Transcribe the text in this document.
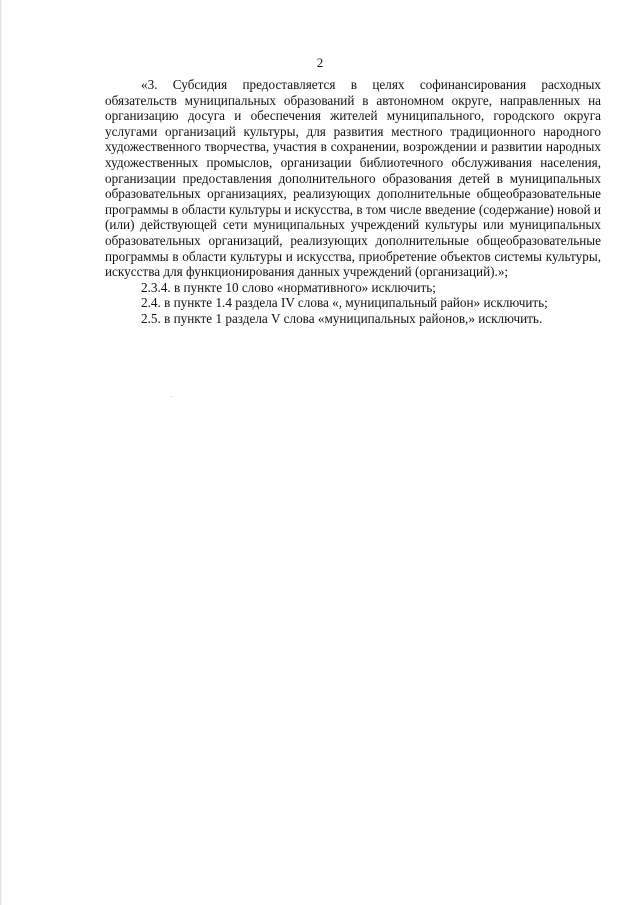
2

«3. Субсидия предоставляется в целях софинансирования расходных обязательств муниципальных образований в автономном округе, направленных на организацию досуга и обеспечения жителей муниципального, городского округа услугами организаций культуры, для развития местного традиционного народного художественного творчества, участия в сохранении, возрождении и развитии народных художественных промыслов, организации библиотечного обслуживания населения, организации предоставления дополнительного образования детей в муниципальных образовательных организациях, реализующих дополнительные общеобразовательные программы в области культуры и искусства, в том числе введение (содержание) новой и (или) действующей сети муниципальных учреждений культуры или муниципальных образовательных организаций, реализующих дополнительные общеобразовательные программы в области культуры и искусства, приобретение объектов системы культуры, искусства для функционирования данных учреждений (организаций).»;

2.3.4. в пункте 10 слово «нормативного» исключить;

2.4. в пункте 1.4 раздела IV слова «, муниципальный район» исключить;

2.5. в пункте 1 раздела V слова «муниципальных районов,» исключить.
